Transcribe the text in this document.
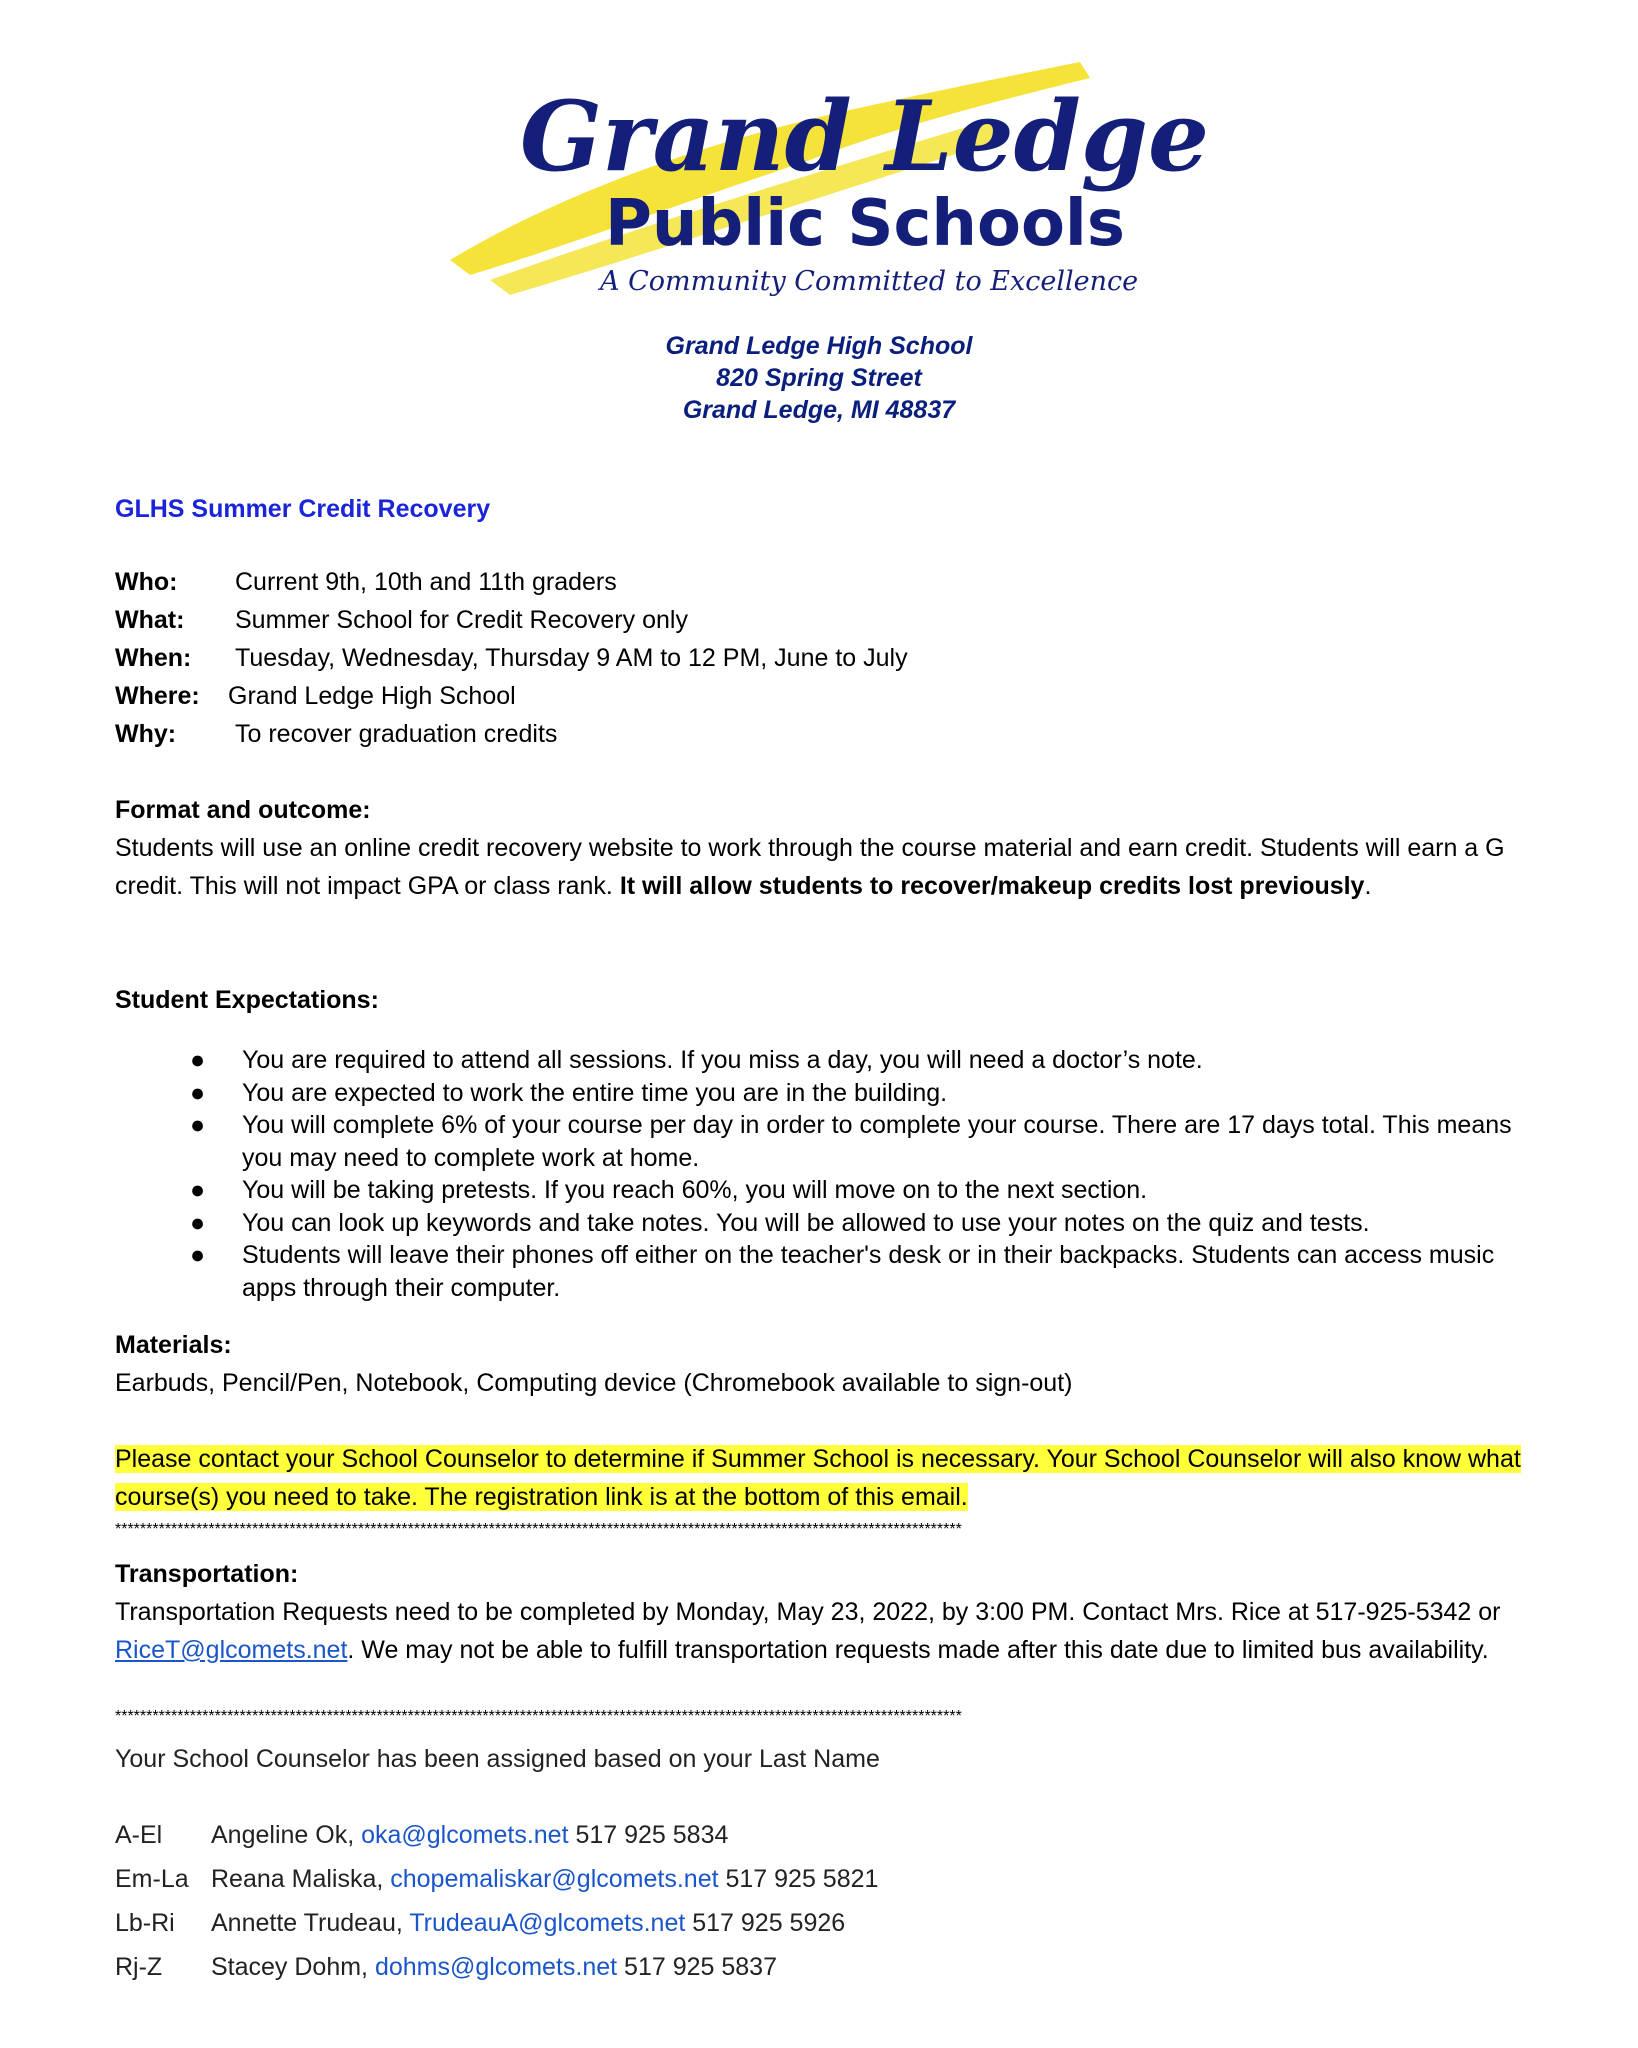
Grand Ledge
Public Schools
A Community Committed to Excellence
Grand Ledge High School
820 Spring Street
Grand Ledge, MI 48837
GLHS Summer Credit Recovery
Who: Current 9th, 10th and 11th graders
What: Summer School for Credit Recovery only
When: Tuesday, Wednesday, Thursday 9 AM to 12 PM, June to July
Where: Grand Ledge High School
Why: To recover graduation credits
Format and outcome:
Students will use an online credit recovery website to work through the course material and earn credit. Students will earn a G credit. This will not impact GPA or class rank. It will allow students to recover/makeup credits lost previously.
Student Expectations:
● You are required to attend all sessions. If you miss a day, you will need a doctor’s note.
● You are expected to work the entire time you are in the building.
● You will complete 6% of your course per day in order to complete your course. There are 17 days total. This means you may need to complete work at home.
● You will be taking pretests. If you reach 60%, you will move on to the next section.
● You can look up keywords and take notes. You will be allowed to use your notes on the quiz and tests.
● Students will leave their phones off either on the teacher's desk or in their backpacks. Students can access music apps through their computer.
Materials:
Earbuds, Pencil/Pen, Notebook, Computing device (Chromebook available to sign-out)
Please contact your School Counselor to determine if Summer School is necessary. Your School Counselor will also know what course(s) you need to take. The registration link is at the bottom of this email.
****************************************************************************************************************************************
Transportation:
Transportation Requests need to be completed by Monday, May 23, 2022, by 3:00 PM. Contact Mrs. Rice at 517-925-5342 or RiceT@glcomets.net. We may not be able to fulfill transportation requests made after this date due to limited bus availability.
****************************************************************************************************************************************
Your School Counselor has been assigned based on your Last Name
A-El Angeline Ok, oka@glcomets.net 517 925 5834
Em-La Reana Maliska, chopemaliskar@glcomets.net 517 925 5821
Lb-Ri Annette Trudeau, TrudeauA@glcomets.net 517 925 5926
Rj-Z Stacey Dohm, dohms@glcomets.net 517 925 5837
